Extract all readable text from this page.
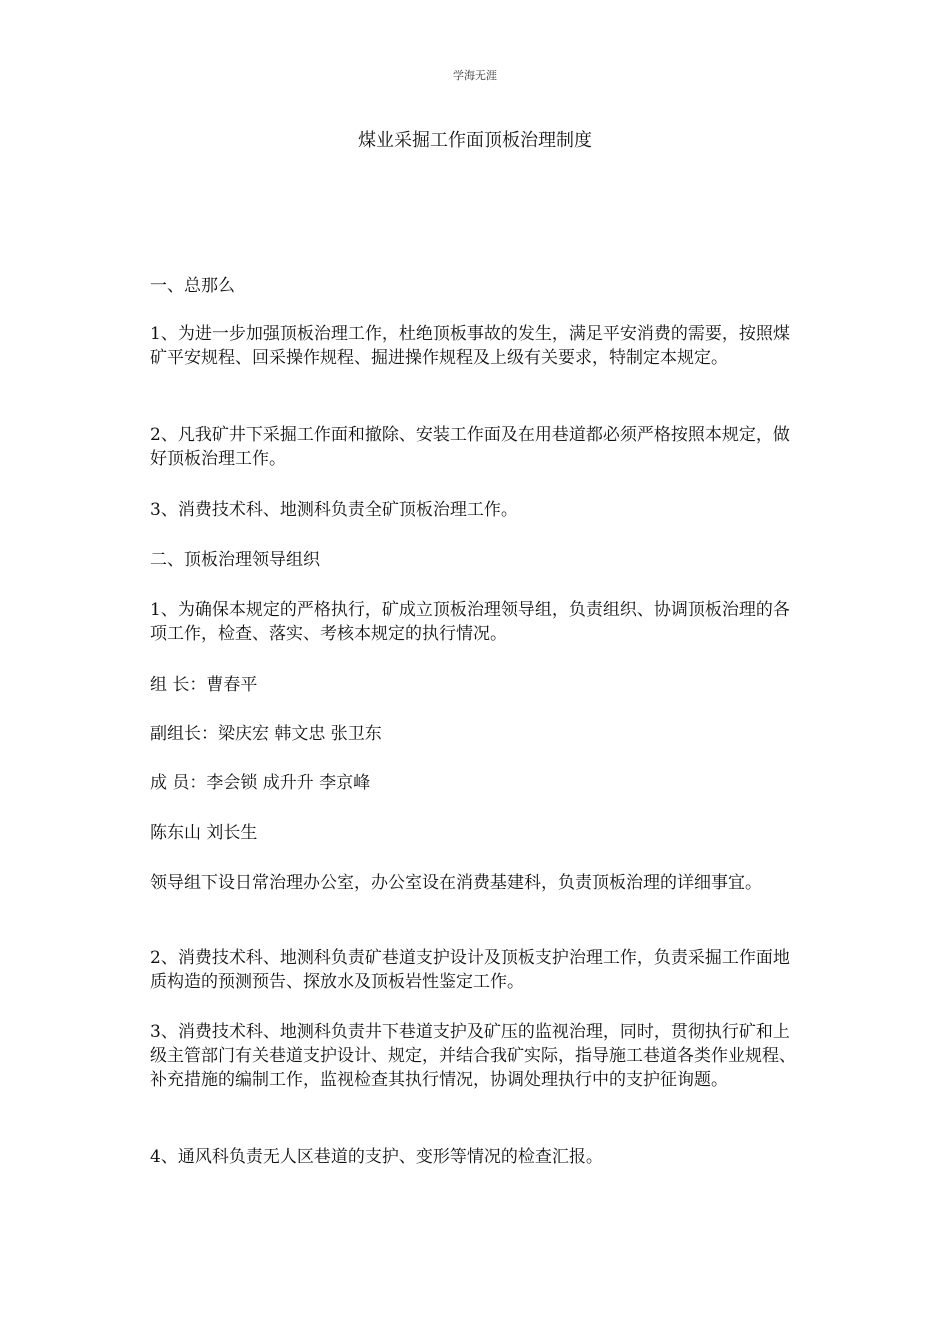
学海无涯
煤业采掘工作面顶板治理制度

一、总那么

1、为进一步加强顶板治理工作，杜绝顶板事故的发生，满足平安消费的需要，按照煤矿平安规程、回采操作规程、掘进操作规程及上级有关要求，特制定本规定。

2、凡我矿井下采掘工作面和撤除、安装工作面及在用巷道都必须严格按照本规定，做好顶板治理工作。

3、消费技术科、地测科负责全矿顶板治理工作。

二、顶板治理领导组织

1、为确保本规定的严格执行，矿成立顶板治理领导组，负责组织、协调顶板治理的各项工作，检查、落实、考核本规定的执行情况。

组 长：曹春平

副组长：梁庆宏 韩文忠 张卫东

成 员：李会锁 成升升 李京峰

陈东山 刘长生

领导组下设日常治理办公室，办公室设在消费基建科，负责顶板治理的详细事宜。

2、消费技术科、地测科负责矿巷道支护设计及顶板支护治理工作，负责采掘工作面地质构造的预测预告、探放水及顶板岩性鉴定工作。

3、消费技术科、地测科负责井下巷道支护及矿压的监视治理，同时，贯彻执行矿和上级主管部门有关巷道支护设计、规定，并结合我矿实际，指导施工巷道各类作业规程、补充措施的编制工作，监视检查其执行情况，协调处理执行中的支护征询题。

4、通风科负责无人区巷道的支护、变形等情况的检查汇报。
